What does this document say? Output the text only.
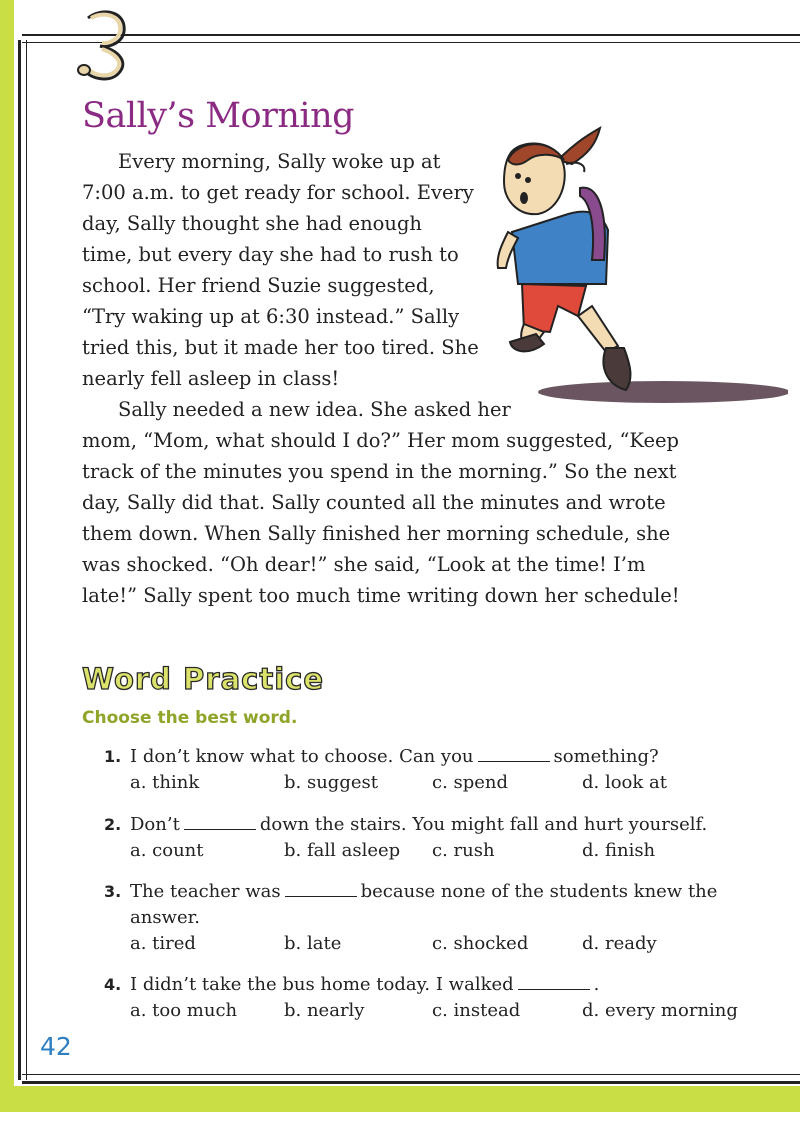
Sally’s Morning

Every morning, Sally woke up at
7:00 a.m. to get ready for school. Every
day, Sally thought she had enough
time, but every day she had to rush to
school. Her friend Suzie suggested,
“Try waking up at 6:30 instead.” Sally
tried this, but it made her too tired. She
nearly fell asleep in class!

Sally needed a new idea. She asked her
mom, “Mom, what should I do?” Her mom suggested, “Keep
track of the minutes you spend in the morning.” So the next
day, Sally did that. Sally counted all the minutes and wrote
them down. When Sally finished her morning schedule, she
was shocked. “Oh dear!” she said, “Look at the time! I’m
late!” Sally spent too much time writing down her schedule!

Word Practice
Choose the best word.
1. I don’t know what to choose. Can you	something?
a. think	b. suggest	c. spend	d. look at
2. Don’t	down the stairs. You might fall and hurt yourself.
a. count	b. fall asleep c. rush	d. finish
3. The teacher was	because none of the students knew the
answer.
a. tired	b. late	c. shocked	d. ready
4. I didn’t take the bus home today. I walked	.
a. too much	b. nearly	c. instead	d. every morning
42
